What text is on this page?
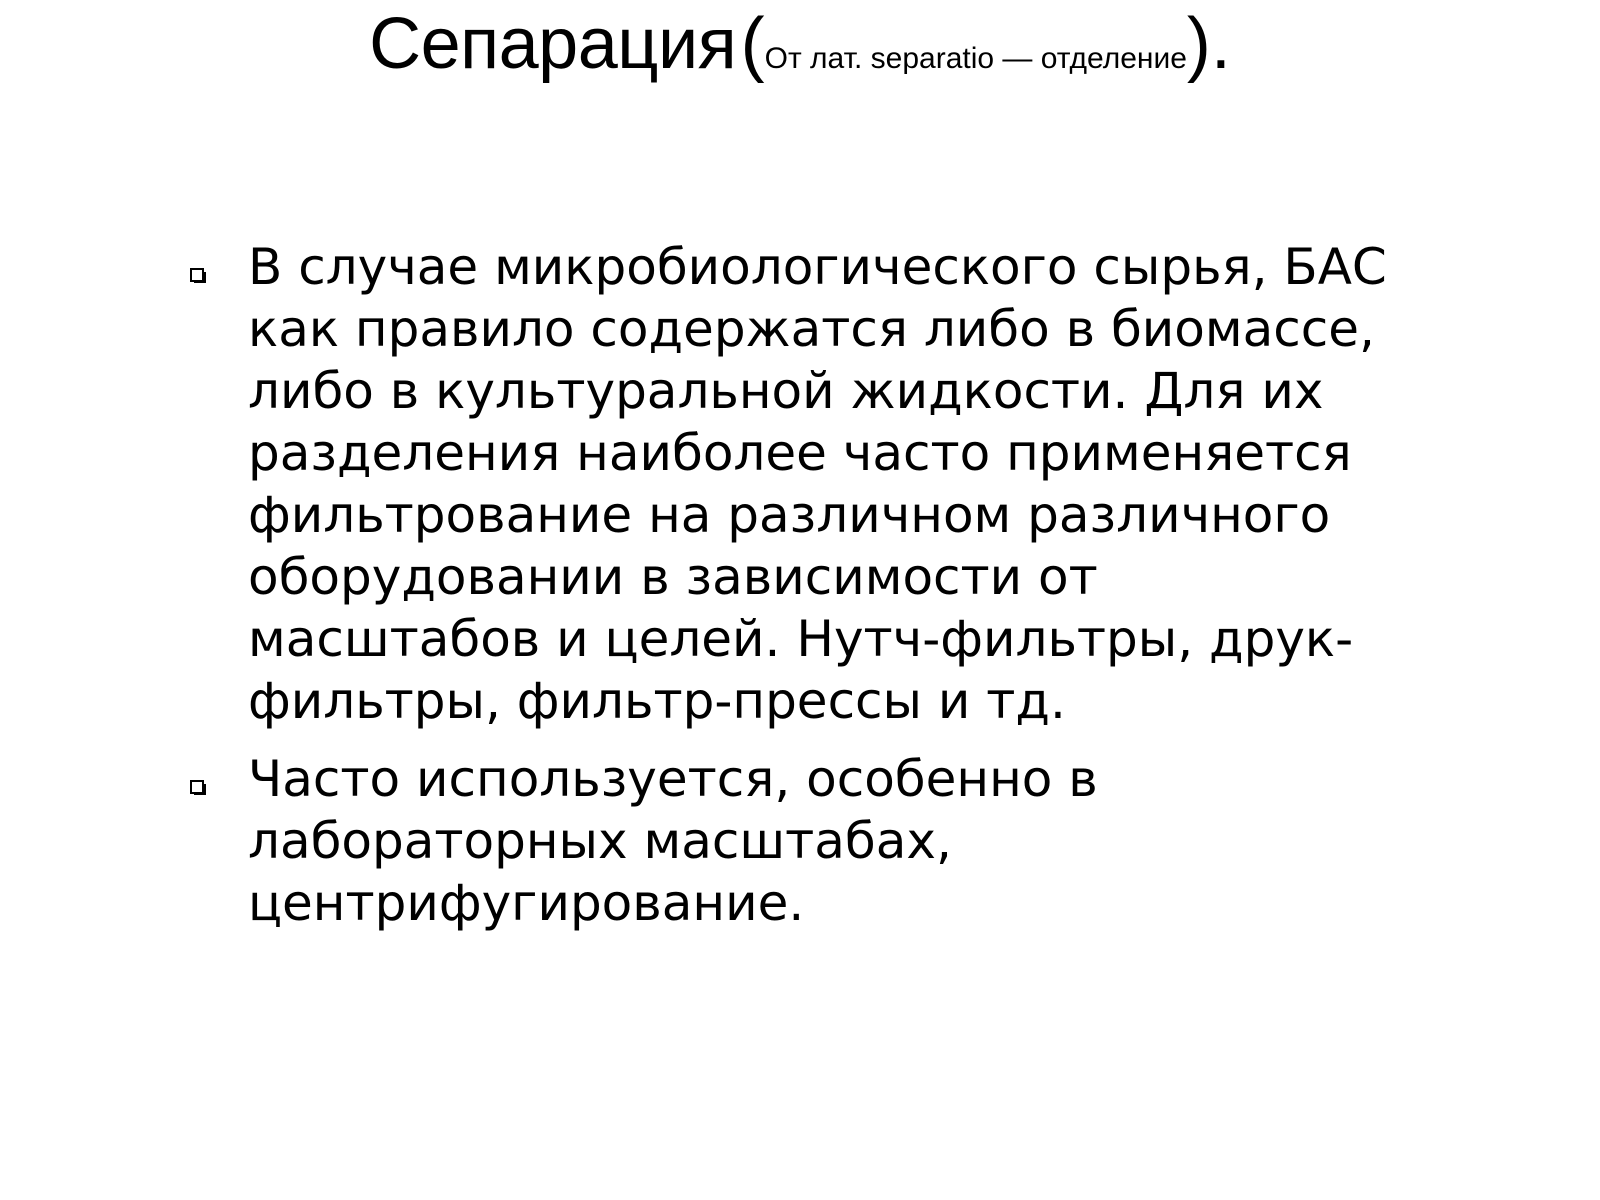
Сепарация (От лат. separatio — отделение).
В случае микробиологического сырья, БАС как правило содержатся либо в биомассе, либо в культуральной жидкости. Для их разделения наиболее часто применяется фильтрование на различном различного оборудовании в зависимости от масштабов и целей. Нутч-фильтры, друк-фильтры, фильтр-прессы и тд.
Часто используется, особенно в лабораторных масштабах, центрифугирование.
